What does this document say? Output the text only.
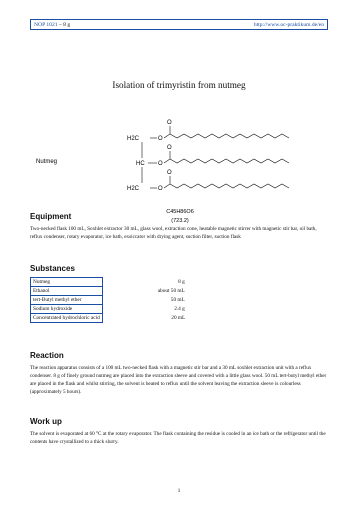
NOP 1021 – 8 g	http://www.oc-praktikum.de/en
Isolation of trimyristin from nutmeg
Nutmeg
H2C
HC
H2C
O
O
O
O
O
O
C45H86O6
(723.2)
Equipment
Two-necked flask 100 mL, Soxhlet extractor 30 mL, glass wool, extraction cone, heatable magnetic stirrer with magnetic stir bar, oil bath, reflux condenser, rotary evaporator, ice bath, exsiccator with drying agent, suction filter, suction flask
Substances
Nutmeg	8 g
Ethanol	about 50 mL
tert-Butyl methyl ether	50 mL
Sodium hydroxide	2.4 g
Concentrated hydrochloric acid	20 mL
Reaction
The reaction apparatus consists of a 100 mL two-necked flask with a magnetic stir bar and a 30 mL soxhlet extraction unit with a reflux condenser. 8 g of finely ground nutmeg are placed into the extraction sleeve and covered with a little glass wool. 50 mL tert-butyl methyl ether are placed in the flask and whilst stirring, the solvent is heated to reflux until the solvent leaving the extraction sleeve is colourless (approximately 5 hours).
Work up
The solvent is evaporated at 60 °C at the rotary evaporator. The flask containing the residue is cooled in an ice bath or the refrigerator until the contents have crystallized to a thick slurry.
1
